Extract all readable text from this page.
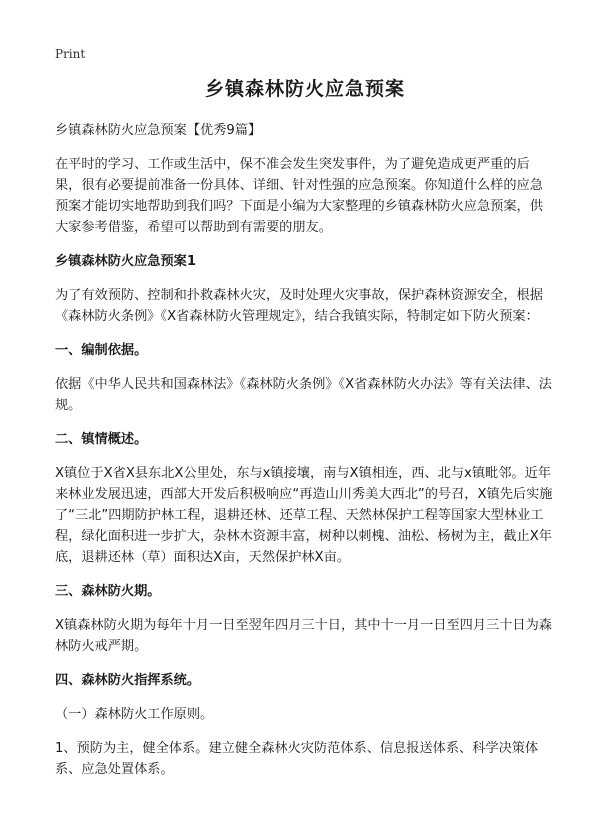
Print
乡镇森林防火应急预案

乡镇森林防火应急预案【优秀9篇】

在平时的学习、工作或生活中，保不准会发生突发事件，为了避免造成更严重的后果，很有必要提前准备一份具体、详细、针对性强的应急预案。你知道什么样的应急预案才能切实地帮助到我们吗？下面是小编为大家整理的乡镇森林防火应急预案，供大家参考借鉴，希望可以帮助到有需要的朋友。

乡镇森林防火应急预案1

为了有效预防、控制和扑救森林火灾，及时处理火灾事故，保护森林资源安全，根据《森林防火条例》《X省森林防火管理规定》，结合我镇实际，特制定如下防火预案：

一、编制依据。

依据《中华人民共和国森林法》《森林防火条例》《X省森林防火办法》等有关法律、法规。

二、镇情概述。

X镇位于X省X县东北X公里处，东与x镇接壤，南与X镇相连，西、北与x镇毗邻。近年来林业发展迅速，西部大开发后积极响应“再造山川秀美大西北”的号召，X镇先后实施了“三北”四期防护林工程，退耕还林、还草工程、天然林保护工程等国家大型林业工程，绿化面积进一步扩大，杂林木资源丰富，树种以刺槐、油松、杨树为主，截止X年底，退耕还林（草）面积达X亩，天然保护林X亩。

三、森林防火期。

X镇森林防火期为每年十月一日至翌年四月三十日，其中十一月一日至四月三十日为森林防火戒严期。

四、森林防火指挥系统。

（一）森林防火工作原则。

1、预防为主，健全体系。建立健全森林火灾防范体系、信息报送体系、科学决策体系、应急处置体系。
